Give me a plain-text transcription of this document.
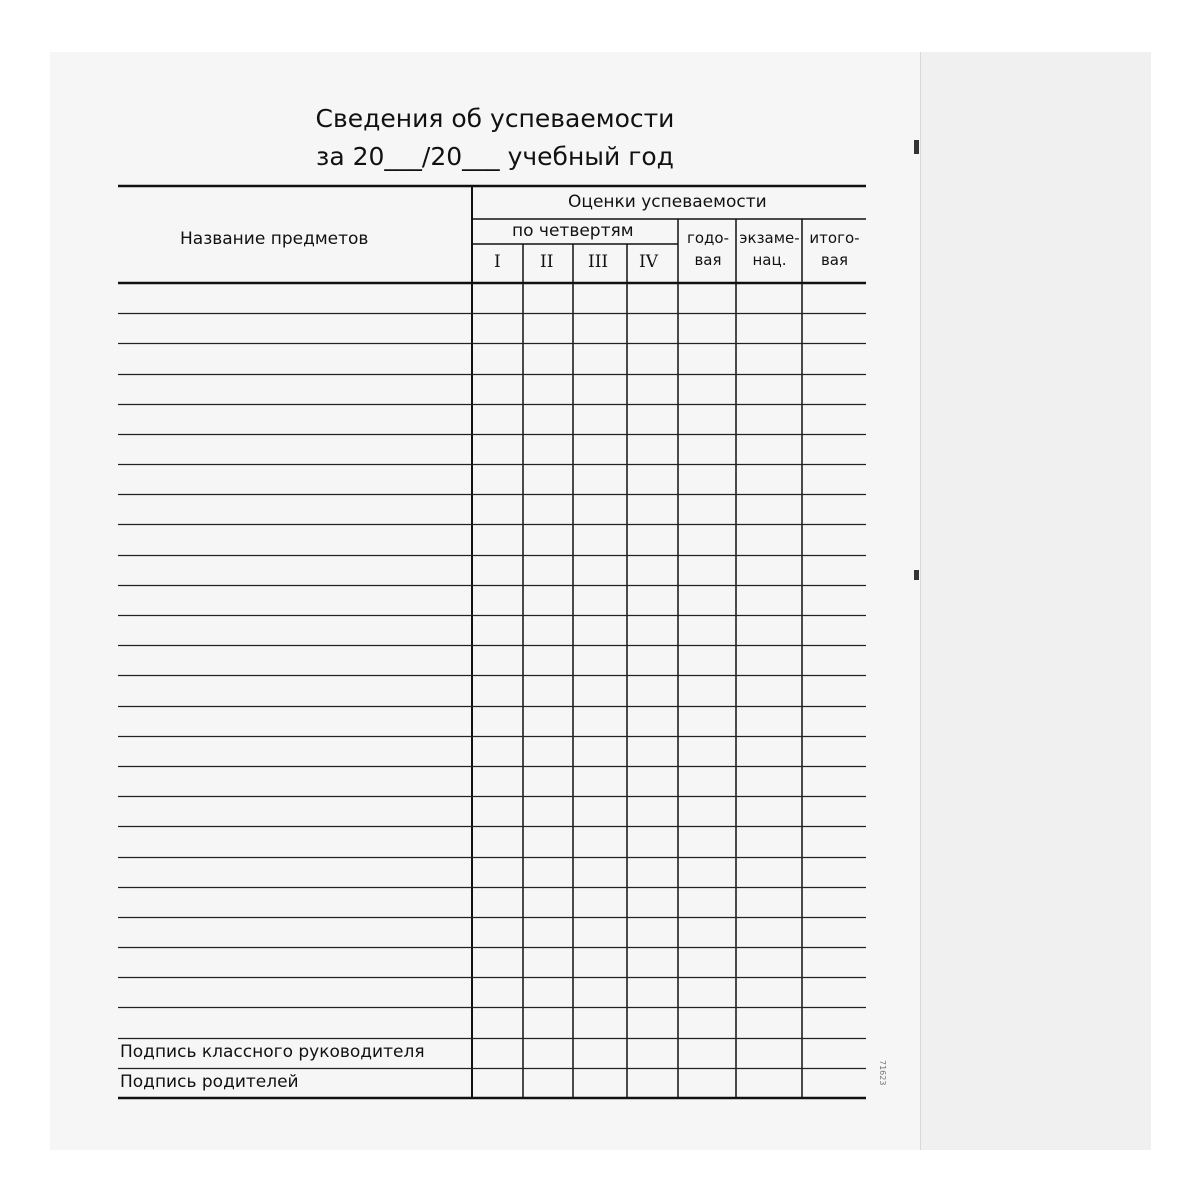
Сведения об успеваемости
за 20___/20___ учебный год
Название предметов
Оценки успеваемости
по четвертям
I II III IV
годо-
вая
экзаме-
нац.
итого-
вая
Подпись классного руководителя
Подпись родителей	71623
